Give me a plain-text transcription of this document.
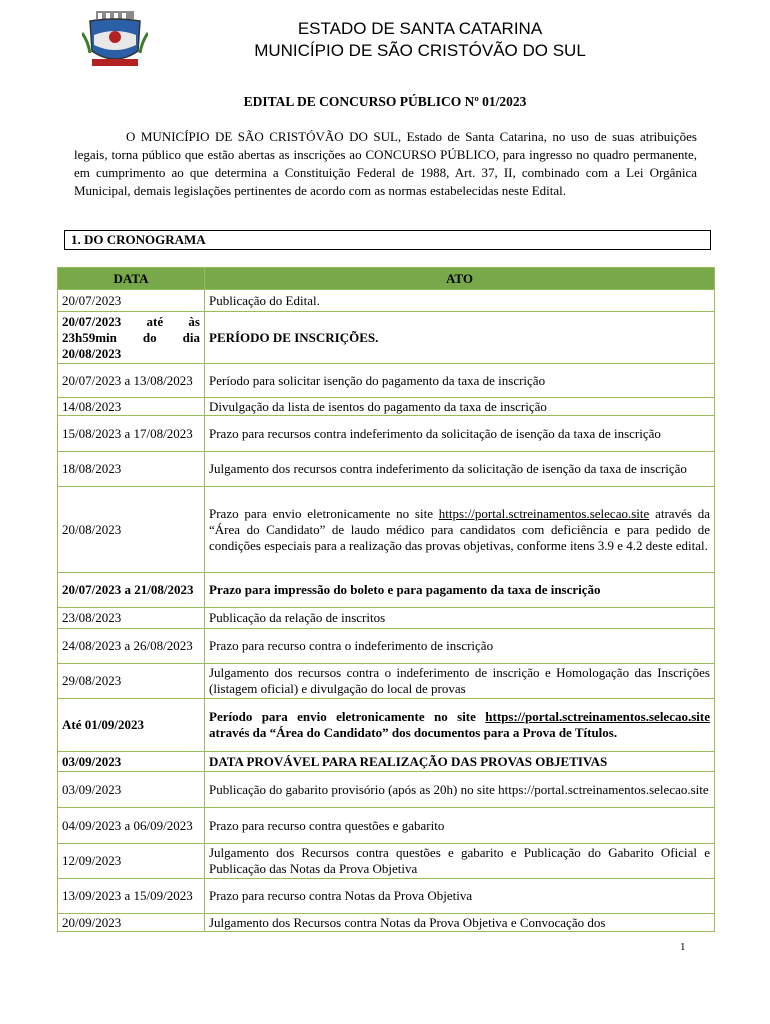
ESTADO DE SANTA CATARINA
MUNICÍPIO DE SÃO CRISTÓVÃO DO SUL
EDITAL DE CONCURSO PÚBLICO Nº 01/2023

O MUNICÍPIO DE SÃO CRISTÓVÃO DO SUL, Estado de Santa Catarina, no uso de suas atribuições legais, torna público que estão abertas as inscrições ao CONCURSO PÚBLICO, para ingresso no quadro permanente, em cumprimento ao que determina a Constituição Federal de 1988, Art. 37, II, combinado com a Lei Orgânica Municipal, demais legislações pertinentes de acordo com as normas estabelecidas neste Edital.

1. DO CRONOGRAMA
DATA	ATO
20/07/2023	Publicação do Edital.
20/07/2023 até às 23h59min do dia 20/08/2023	PERÍODO DE INSCRIÇÕES.
20/07/2023 a 13/08/2023	Período para solicitar isenção do pagamento da taxa de inscrição
14/08/2023	Divulgação da lista de isentos do pagamento da taxa de inscrição
15/08/2023 a 17/08/2023	Prazo para recursos contra indeferimento da solicitação de isenção da taxa de inscrição
18/08/2023	Julgamento dos recursos contra indeferimento da solicitação de isenção da taxa de inscrição
20/08/2023	Prazo para envio eletronicamente no site https://portal.sctreinamentos.selecao.site através da “Área do Candidato” de laudo médico para candidatos com deficiência e para pedido de condições especiais para a realização das provas objetivas, conforme itens 3.9 e 4.2 deste edital.
20/07/2023 a 21/08/2023	Prazo para impressão do boleto e para pagamento da taxa de inscrição
23/08/2023	Publicação da relação de inscritos
24/08/2023 a 26/08/2023	Prazo para recurso contra o indeferimento de inscrição
29/08/2023	Julgamento dos recursos contra o indeferimento de inscrição e Homologação das Inscrições (listagem oficial) e divulgação do local de provas
Até 01/09/2023	Período para envio eletronicamente no site https://portal.sctreinamentos.selecao.site através da “Área do Candidato” dos documentos para a Prova de Títulos.
03/09/2023	DATA PROVÁVEL PARA REALIZAÇÃO DAS PROVAS OBJETIVAS
03/09/2023	Publicação do gabarito provisório (após as 20h) no site https://portal.sctreinamentos.selecao.site
04/09/2023 a 06/09/2023	Prazo para recurso contra questões e gabarito
12/09/2023	Julgamento dos Recursos contra questões e gabarito e Publicação do Gabarito Oficial e Publicação das Notas da Prova Objetiva
13/09/2023 a 15/09/2023	Prazo para recurso contra Notas da Prova Objetiva
20/09/2023	Julgamento dos Recursos contra Notas da Prova Objetiva e Convocação dos
1
